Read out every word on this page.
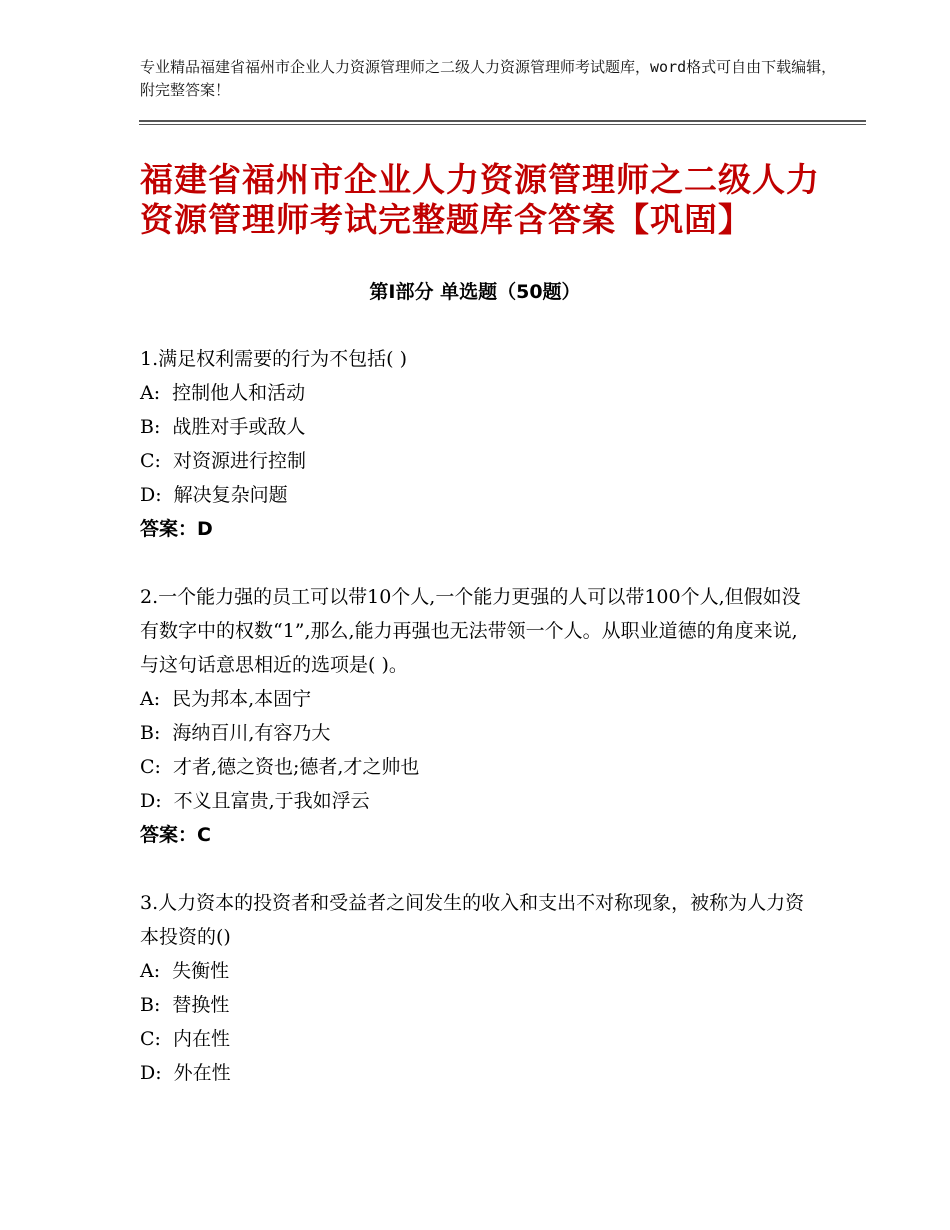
专业精品福建省福州市企业人力资源管理师之二级人力资源管理师考试题库，word格式可自由下载编辑，附完整答案！
福建省福州市企业人力资源管理师之二级人力资源管理师考试完整题库含答案【巩固】
第Ⅰ部分 单选题（50题）
1.满足权利需要的行为不包括( )
A: 控制他人和活动
B: 战胜对手或敌人
C: 对资源进行控制
D: 解决复杂问题
答案：D
2.一个能力强的员工可以带10个人,一个能力更强的人可以带100个人,但假如没有数字中的权数“1”,那么,能力再强也无法带领一个人。从职业道德的角度来说,与这句话意思相近的选项是( )。
A: 民为邦本,本固宁
B: 海纳百川,有容乃大
C: 才者,德之资也;德者,才之帅也
D: 不义且富贵,于我如浮云
答案：C
3.人力资本的投资者和受益者之间发生的收入和支出不对称现象，被称为人力资本投资的()
A: 失衡性
B: 替换性
C: 内在性
D: 外在性
